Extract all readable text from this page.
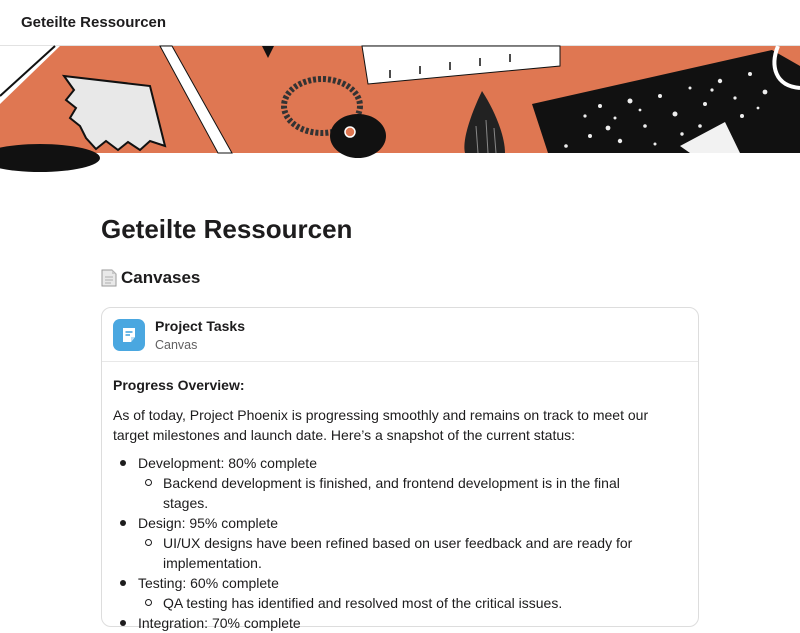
Geteilte Ressourcen
Geteilte Ressourcen
Canvases
Project Tasks
Canvas
Progress Overview:
As of today, Project Phoenix is progressing smoothly and remains on track to meet our target milestones and launch date. Here’s a snapshot of the current status:
Development: 80% complete
Backend development is finished, and frontend development is in the final stages.
Design: 95% complete
UI/UX designs have been refined based on user feedback and are ready for implementation.
Testing: 60% complete
QA testing has identified and resolved most of the critical issues.
Integration: 70% complete
